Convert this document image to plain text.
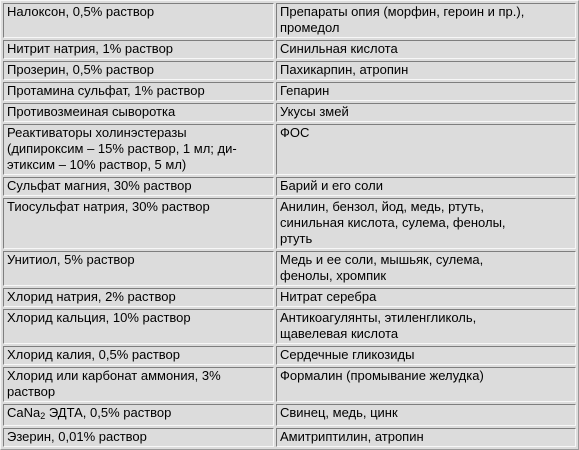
Налоксон, 0,5% раствор	Препараты опия (морфин, героин и пр.),
промедол
Нитрит натрия, 1% раствор	Синильная кислота
Прозерин, 0,5% раствор	Пахикарпин, атропин
Протамина сульфат, 1% раствор	Гепарин
Противозмеиная сыворотка	Укусы змей
Реактиваторы холинэстеразы
(дипироксим – 15% раствор, 1 мл; ди-
этиксим – 10% раствор, 5 мл)	ФОС
Сульфат магния, 30% раствор	Барий и его соли
Тиосульфат натрия, 30% раствор	Анилин, бензол, йод, медь, ртуть,
синильная кислота, сулема, фенолы,
ртуть
Унитиол, 5% раствор	Медь и ее соли, мышьяк, сулема,
фенолы, хромпик
Хлорид натрия, 2% раствор	Нитрат серебра
Хлорид кальция, 10% раствор	Антикоагулянты, этиленгликоль,
щавелевая кислота
Хлорид калия, 0,5% раствор	Сердечные гликозиды
Хлорид или карбонат аммония, 3%
раствор	Формалин (промывание желудка)
CaNa$_2$ ЭДТА, 0,5% раствор	Свинец, медь, цинк
Эзерин, 0,01% раствор	Амитриптилин, атропин
